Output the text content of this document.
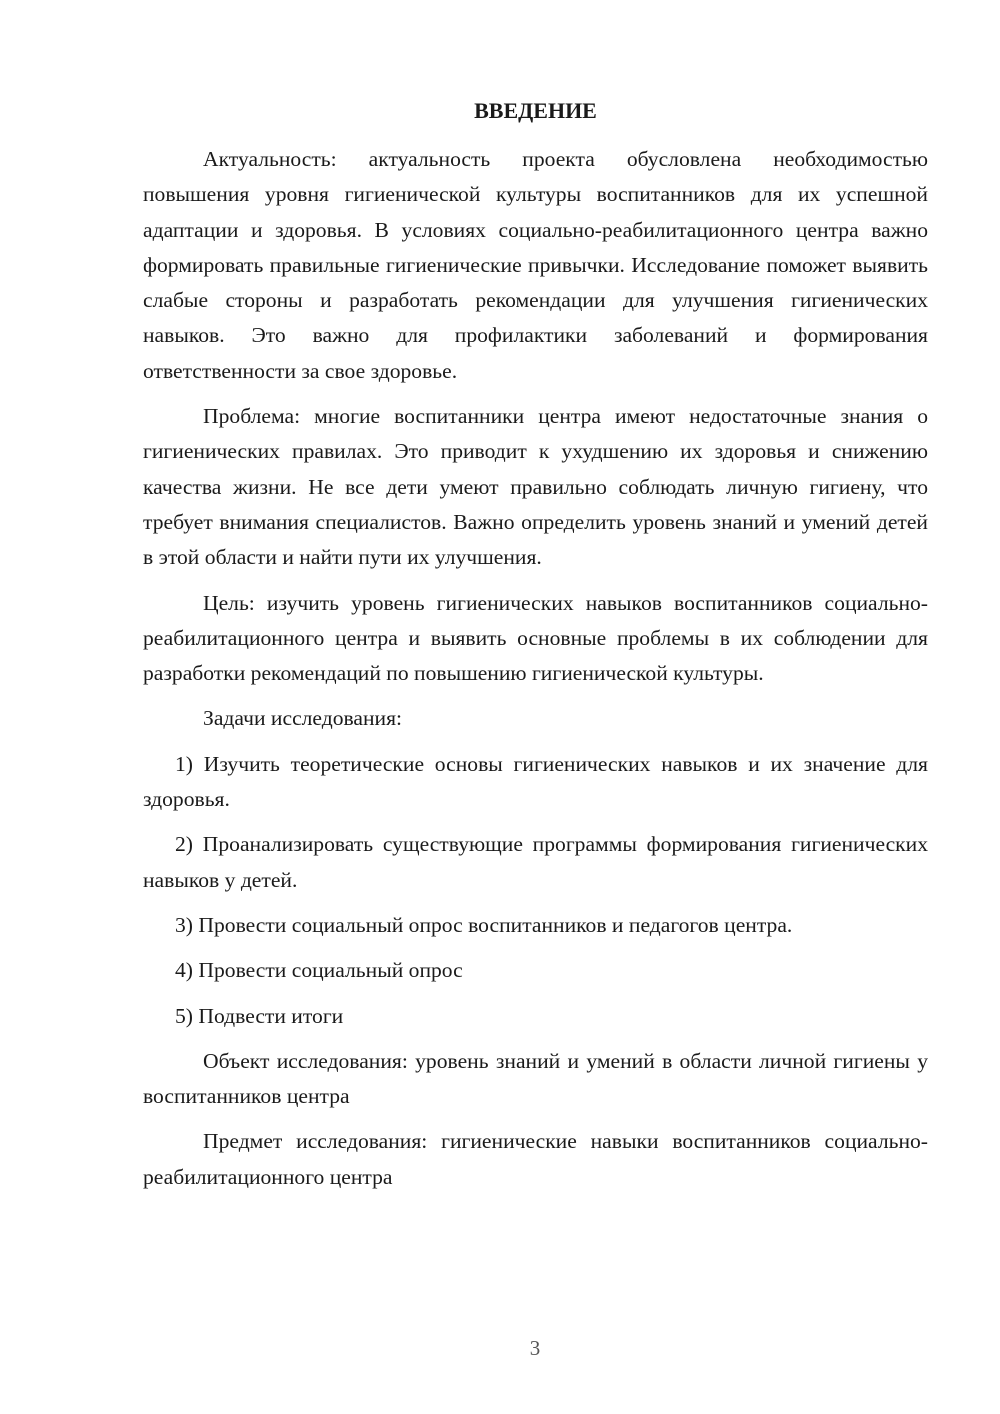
ВВЕДЕНИЕ

Актуальность: актуальность проекта обусловлена необходимостью повышения уровня гигиенической культуры воспитанников для их успешной адаптации и здоровья. В условиях социально-реабилитационного центра важно формировать правильные гигиенические привычки. Исследование поможет выявить слабые стороны и разработать рекомендации для улучшения гигиенических навыков. Это важно для профилактики заболеваний и формирования ответственности за свое здоровье.

Проблема: многие воспитанники центра имеют недостаточные знания о гигиенических правилах. Это приводит к ухудшению их здоровья и снижению качества жизни. Не все дети умеют правильно соблюдать личную гигиену, что требует внимания специалистов. Важно определить уровень знаний и умений детей в этой области и найти пути их улучшения.

Цель: изучить уровень гигиенических навыков воспитанников социально-реабилитационного центра и выявить основные проблемы в их соблюдении для разработки рекомендаций по повышению гигиенической культуры.

Задачи исследования:

1) Изучить теоретические основы гигиенических навыков и их значение для здоровья.

2) Проанализировать существующие программы формирования гигиенических навыков у детей.

3) Провести социальный опрос воспитанников и педагогов центра.

4) Провести социальный опрос

5) Подвести итоги

Объект исследования: уровень знаний и умений в области личной гигиены у воспитанников центра

Предмет исследования: гигиенические навыки воспитанников социально-реабилитационного центра

3
